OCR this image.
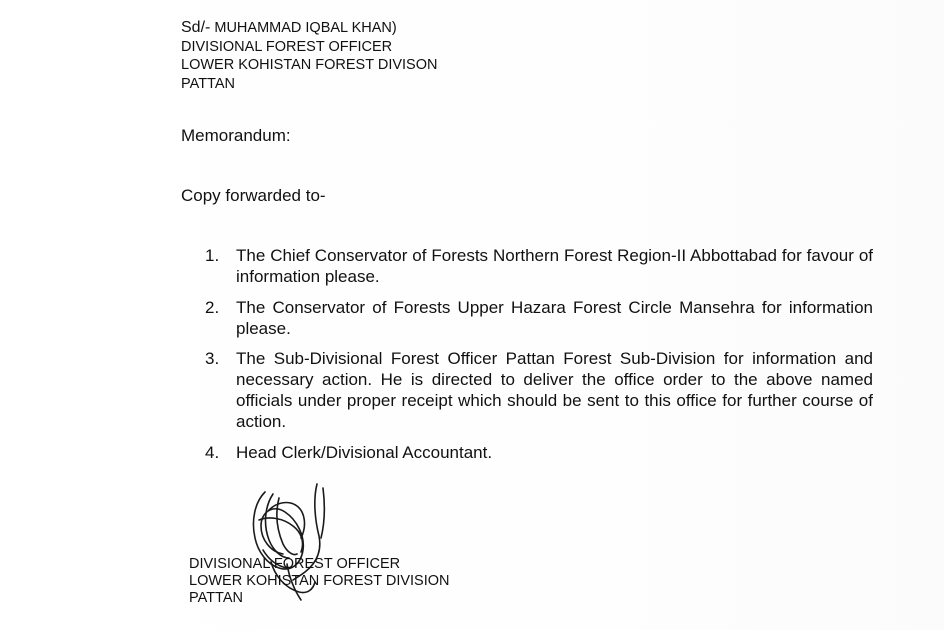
Sd/- MUHAMMAD IQBAL KHAN)
DIVISIONAL FOREST OFFICER
LOWER KOHISTAN FOREST DIVISON
PATTAN
Memorandum:
Copy forwarded to-
1. The Chief Conservator of Forests Northern Forest Region-II Abbottabad for favour of information please.
2. The Conservator of Forests Upper Hazara Forest Circle Mansehra for information please.
3. The Sub-Divisional Forest Officer Pattan Forest Sub-Division for information and necessary action. He is directed to deliver the office order to the above named officials under proper receipt which should be sent to this office for further course of action.
4. Head Clerk/Divisional Accountant.
DIVISIONAL FOREST OFFICER
LOWER KOHISTAN FOREST DIVISION
PATTAN
